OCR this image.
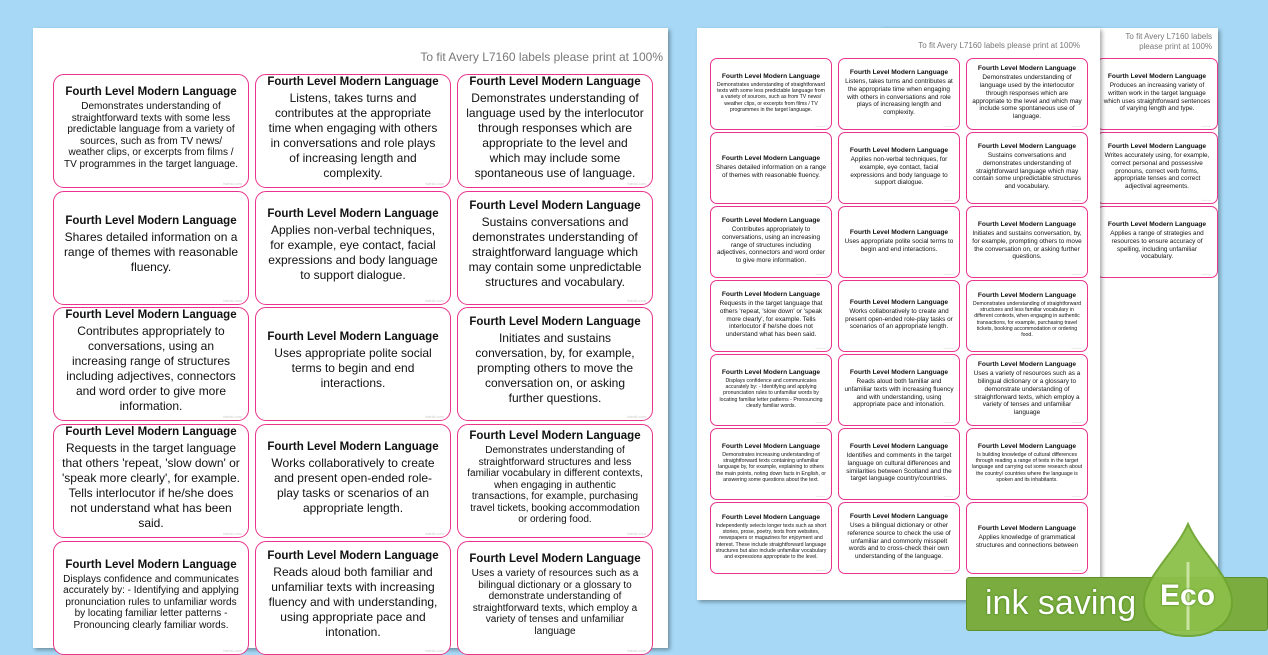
To fit Avery L7160 labels please print at 100%
Fourth Level Modern Language
Demonstrates understanding of straightforward texts with some less predictable language from a variety of sources, such as from TV news/ weather clips, or excerpts from films / TV programmes in the target language.
twinkl.com
Fourth Level Modern Language
Listens, takes turns and contributes at the appropriate time when engaging with others in conversations and role plays of increasing length and complexity.
twinkl.com
Fourth Level Modern Language
Demonstrates understanding of language used by the interlocutor through responses which are appropriate to the level and which may include some spontaneous use of language.
twinkl.com
Fourth Level Modern Language
Shares detailed information on a range of themes with reasonable fluency.
twinkl.com
Fourth Level Modern Language
Applies non-verbal techniques, for example, eye contact, facial expressions and body language to support dialogue.
twinkl.com
Fourth Level Modern Language
Sustains conversations and demonstrates understanding of straightforward language which may contain some unpredictable structures and vocabulary.
twinkl.com
Fourth Level Modern Language
Contributes appropriately to conversations, using an increasing range of structures including adjectives, connectors and word order to give more information.
twinkl.com
Fourth Level Modern Language
Uses appropriate polite social terms to begin and end interactions.
twinkl.com
Fourth Level Modern Language
Initiates and sustains conversation, by, for example, prompting others to move the conversation on, or asking further questions.
twinkl.com
Fourth Level Modern Language
Requests in the target language that others 'repeat, 'slow down' or 'speak more clearly', for example. Tells interlocutor if he/she does not understand what has been said.
twinkl.com
Fourth Level Modern Language
Works collaboratively to create and present open-ended role-play tasks or scenarios of an appropriate length.
twinkl.com
Fourth Level Modern Language
Demonstrates understanding of straightforward structures and less familiar vocabulary in different contexts, when engaging in authentic transactions, for example, purchasing travel tickets, booking accommodation or ordering food.
twinkl.com
Fourth Level Modern Language
Displays confidence and communicates accurately by: - Identifying and applying pronunciation rules to unfamiliar words by locating familiar letter patterns - Pronouncing clearly familiar words.
twinkl.com
Fourth Level Modern Language
Reads aloud both familiar and unfamiliar texts with increasing fluency and with understanding, using appropriate pace and intonation.
twinkl.com
Fourth Level Modern Language
Uses a variety of resources such as a bilingual dictionary or a glossary to demonstrate understanding of straightforward texts, which employ a variety of tenses and unfamiliar language
twinkl.com
To fit Avery L7160 labels please print at 100%
Fourth Level Modern Language
Produces an increasing variety of written work in the target language which uses straightforward sentences of varying length and type.
twinkl.com
Fourth Level Modern Language
Writes accurately using, for example, correct personal and possessive pronouns, correct verb forms, appropriate tenses and correct adjectival agreements.
twinkl.com
Fourth Level Modern Language
Applies a range of strategies and resources to ensure accuracy of spelling, including unfamiliar vocabulary.
twinkl.com
To fit Avery L7160 labels please print at 100%
Fourth Level Modern Language
Demonstrates understanding of straightforward texts with some less predictable language from a variety of sources, such as from TV news/ weather clips, or excerpts from films / TV programmes in the target language.
twinkl.com
Fourth Level Modern Language
Listens, takes turns and contributes at the appropriate time when engaging with others in conversations and role plays of increasing length and complexity.
twinkl.com
Fourth Level Modern Language
Demonstrates understanding of language used by the interlocutor through responses which are appropriate to the level and which may include some spontaneous use of language.
twinkl.com
Fourth Level Modern Language
Shares detailed information on a range of themes with reasonable fluency.
twinkl.com
Fourth Level Modern Language
Applies non-verbal techniques, for example, eye contact, facial expressions and body language to support dialogue.
twinkl.com
Fourth Level Modern Language
Sustains conversations and demonstrates understanding of straightforward language which may contain some unpredictable structures and vocabulary.
twinkl.com
Fourth Level Modern Language
Contributes appropriately to conversations, using an increasing range of structures including adjectives, connectors and word order to give more information.
twinkl.com
Fourth Level Modern Language
Uses appropriate polite social terms to begin and end interactions.
twinkl.com
Fourth Level Modern Language
Initiates and sustains conversation, by, for example, prompting others to move the conversation on, or asking further questions.
twinkl.com
Fourth Level Modern Language
Requests in the target language that others 'repeat, 'slow down' or 'speak more clearly', for example. Tells interlocutor if he/she does not understand what has been said.
twinkl.com
Fourth Level Modern Language
Works collaboratively to create and present open-ended role-play tasks or scenarios of an appropriate length.
twinkl.com
Fourth Level Modern Language
Demonstrates understanding of straightforward structures and less familiar vocabulary in different contexts, when engaging in authentic transactions, for example, purchasing travel tickets, booking accommodation or ordering food.
twinkl.com
Fourth Level Modern Language
Displays confidence and communicates accurately by: - Identifying and applying pronunciation rules to unfamiliar words by locating familiar letter patterns - Pronouncing clearly familiar words.
twinkl.com
Fourth Level Modern Language
Reads aloud both familiar and unfamiliar texts with increasing fluency and with understanding, using appropriate pace and intonation.
twinkl.com
Fourth Level Modern Language
Uses a variety of resources such as a bilingual dictionary or a glossary to demonstrate understanding of straightforward texts, which employ a variety of tenses and unfamiliar language
twinkl.com
Fourth Level Modern Language
Demonstrates increasing understanding of straightforward texts containing unfamiliar language by, for example, explaining to others the main points, noting down facts in English, or answering some questions about the text.
twinkl.com
Fourth Level Modern Language
Identifies and comments in the target language on cultural differences and similarities between Scotland and the target language country/countries.
twinkl.com
Fourth Level Modern Language
Is building knowledge of cultural differences through reading a range of texts in the target language and carrying out some research about the country/ countries where the language is spoken and its inhabitants.
twinkl.com
Fourth Level Modern Language
Independently selects longer texts such as short stories, prose, poetry, texts from websites, newspapers or magazines for enjoyment and interest. These include straightforward language structures but also include unfamiliar vocabulary and expressions appropriate to the level.
twinkl.com
Fourth Level Modern Language
Uses a bilingual dictionary or other reference source to check the use of unfamiliar and commonly misspelt words and to cross-check their own understanding of the language.
twinkl.com
Fourth Level Modern Language
Applies knowledge of grammatical structures and connections between
twinkl.com
ink saving Eco
